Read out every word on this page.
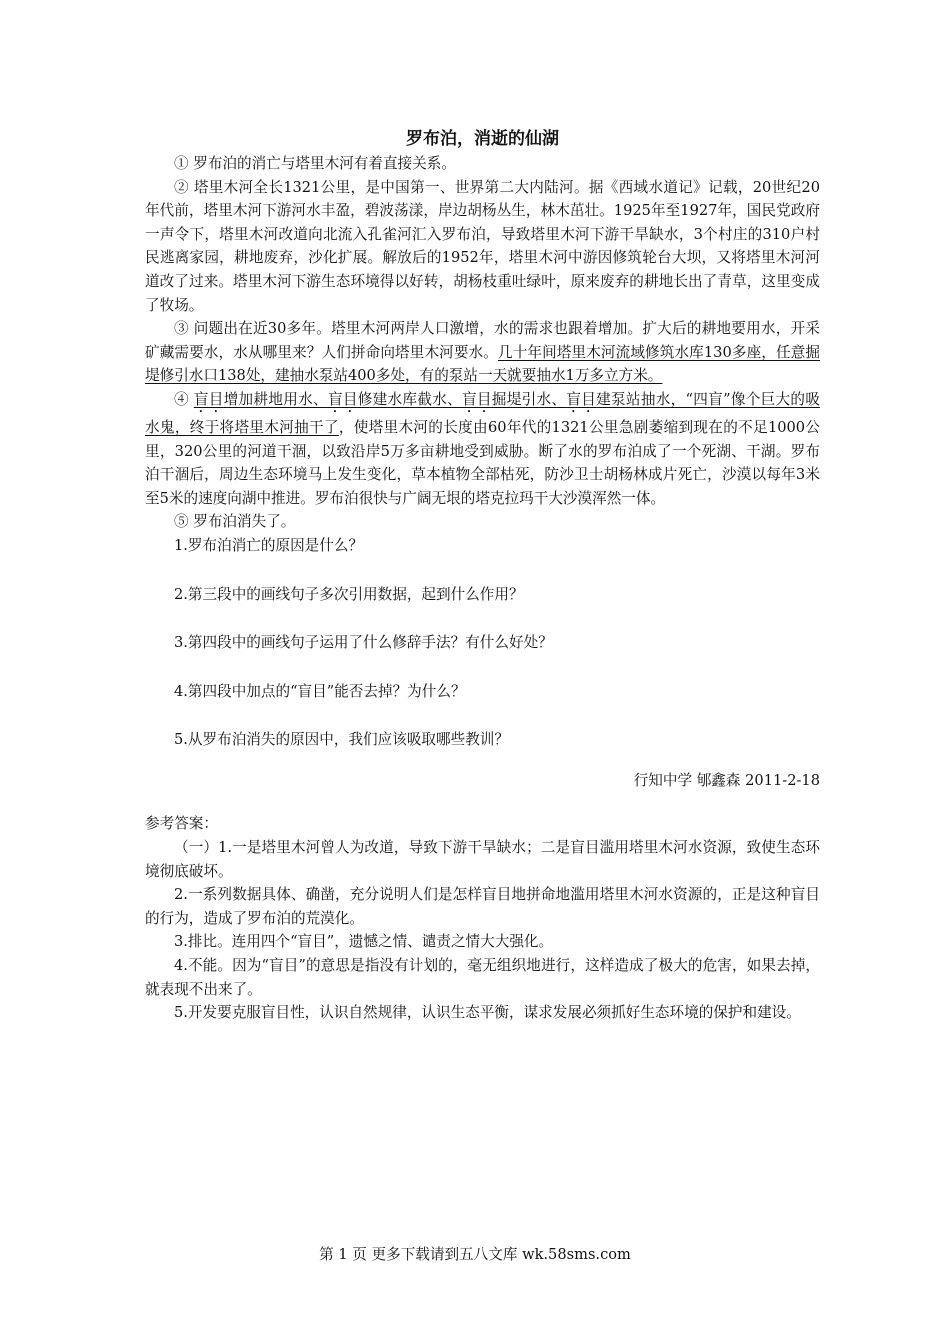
罗布泊，消逝的仙湖

① 罗布泊的消亡与塔里木河有着直接关系。

② 塔里木河全长1321公里，是中国第一、世界第二大内陆河。据《西域水道记》记载，20世纪20年代前，塔里木河下游河水丰盈，碧波荡漾，岸边胡杨丛生，林木茁壮。1925年至1927年，国民党政府一声令下，塔里木河改道向北流入孔雀河汇入罗布泊，导致塔里木河下游干旱缺水，3个村庄的310户村民逃离家园，耕地废弃，沙化扩展。解放后的1952年，塔里木河中游因修筑轮台大坝，又将塔里木河河道改了过来。塔里木河下游生态环境得以好转，胡杨枝重吐绿叶，原来废弃的耕地长出了青草，这里变成了牧场。

③ 问题出在近30多年。塔里木河两岸人口激增，水的需求也跟着增加。扩大后的耕地要用水，开采矿藏需要水，水从哪里来？人们拼命向塔里木河要水。几十年间塔里木河流域修筑水库130多座，任意掘堤修引水口138处，建抽水泵站400多处，有的泵站一天就要抽水1万多立方米。

④ 盲目增加耕地用水、盲目修建水库截水、盲目掘堤引水、盲目建泵站抽水，“四盲”像个巨大的吸水鬼，终于将塔里木河抽干了，使塔里木河的长度由60年代的1321公里急剧萎缩到现在的不足1000公里，320公里的河道干涸，以致沿岸5万多亩耕地受到威胁。断了水的罗布泊成了一个死湖、干湖。罗布泊干涸后，周边生态环境马上发生变化，草本植物全部枯死，防沙卫士胡杨林成片死亡，沙漠以每年3米至5米的速度向湖中推进。罗布泊很快与广阔无垠的塔克拉玛干大沙漠浑然一体。

⑤ 罗布泊消失了。

1.罗布泊消亡的原因是什么？

2.第三段中的画线句子多次引用数据，起到什么作用？

3.第四段中的画线句子运用了什么修辞手法？有什么好处？

4.第四段中加点的“盲目”能否去掉？为什么？

5.从罗布泊消失的原因中，我们应该吸取哪些教训？

行知中学 郇鑫森 2011-2-18

参考答案：

（一）1.一是塔里木河曾人为改道，导致下游干旱缺水；二是盲目滥用塔里木河水资源，致使生态环境彻底破坏。

2.一系列数据具体、确凿，充分说明人们是怎样盲目地拼命地滥用塔里木河水资源的，正是这种盲目的行为，造成了罗布泊的荒漠化。

3.排比。连用四个“盲目”，遗憾之情、谴责之情大大强化。

4.不能。因为“盲目”的意思是指没有计划的，毫无组织地进行，这样造成了极大的危害，如果去掉，就表现不出来了。

5.开发要克服盲目性，认识自然规律，认识生态平衡，谋求发展必须抓好生态环境的保护和建设。

第 1 页 更多下载请到五八文库 wk.58sms.com
